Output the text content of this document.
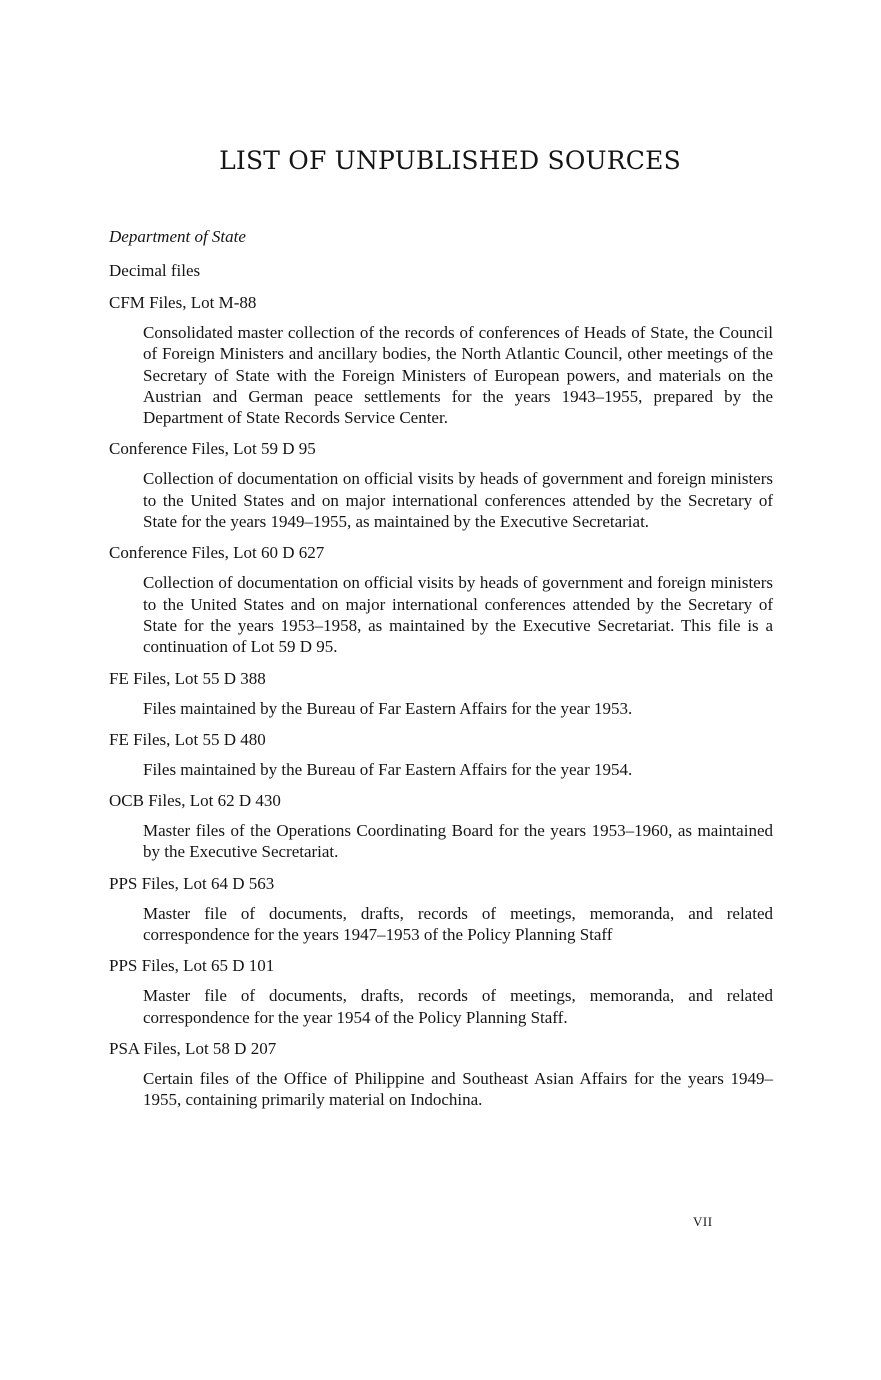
LIST OF UNPUBLISHED SOURCES
Department of State
Decimal files
CFM Files, Lot M-88
Consolidated master collection of the records of conferences of Heads of State, the Council of Foreign Ministers and ancillary bodies, the North Atlantic Council, other meetings of the Secretary of State with the Foreign Ministers of European powers, and materials on the Austrian and German peace settlements for the years 1943–1955, prepared by the Department of State Records Service Center.
Conference Files, Lot 59 D 95
Collection of documentation on official visits by heads of government and foreign ministers to the United States and on major international conferences attended by the Secretary of State for the years 1949–1955, as maintained by the Executive Secretariat.
Conference Files, Lot 60 D 627
Collection of documentation on official visits by heads of government and foreign ministers to the United States and on major international conferences attended by the Secretary of State for the years 1953–1958, as maintained by the Executive Secretariat. This file is a continuation of Lot 59 D 95.
FE Files, Lot 55 D 388
Files maintained by the Bureau of Far Eastern Affairs for the year 1953.
FE Files, Lot 55 D 480
Files maintained by the Bureau of Far Eastern Affairs for the year 1954.
OCB Files, Lot 62 D 430
Master files of the Operations Coordinating Board for the years 1953–1960, as maintained by the Executive Secretariat.
PPS Files, Lot 64 D 563
Master file of documents, drafts, records of meetings, memoranda, and related correspondence for the years 1947–1953 of the Policy Planning Staff
PPS Files, Lot 65 D 101
Master file of documents, drafts, records of meetings, memoranda, and related correspondence for the year 1954 of the Policy Planning Staff.
PSA Files, Lot 58 D 207
Certain files of the Office of Philippine and Southeast Asian Affairs for the years 1949–1955, containing primarily material on Indochina.
VII
